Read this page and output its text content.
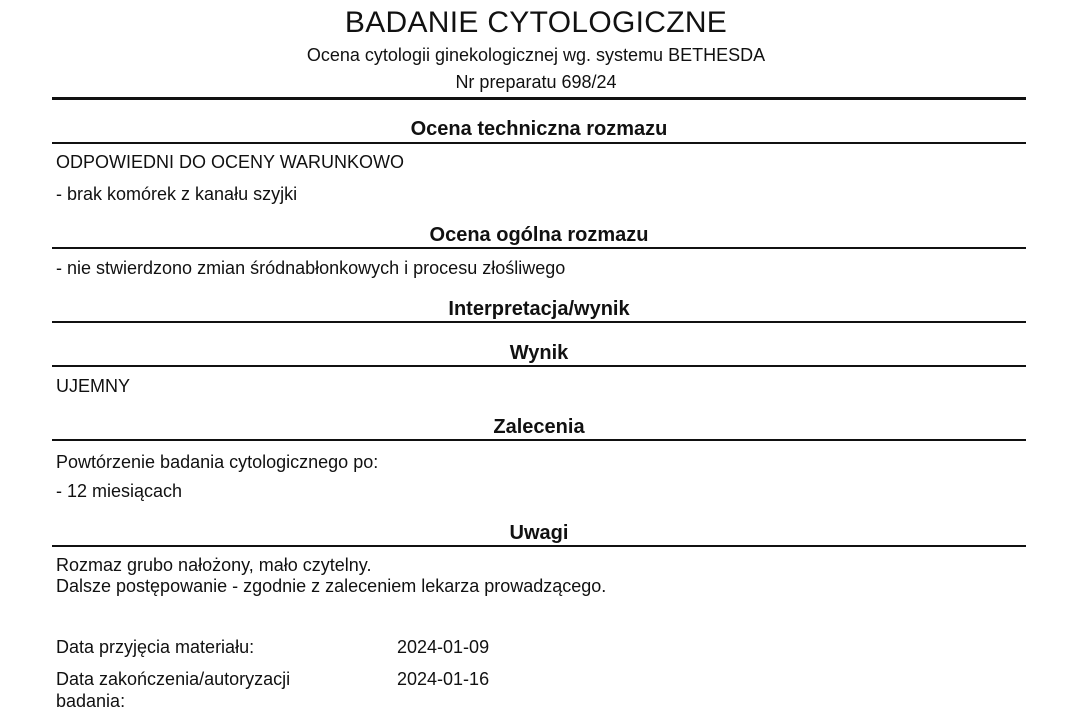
BADANIE CYTOLOGICZNE
Ocena cytologii ginekologicznej wg. systemu BETHESDA
Nr preparatu 698/24
Ocena techniczna rozmazu
ODPOWIEDNI DO OCENY WARUNKOWO
- brak komórek z kanału szyjki
Ocena ogólna rozmazu
- nie stwierdzono zmian śródnabłonkowych i procesu złośliwego
Interpretacja/wynik
Wynik
UJEMNY
Zalecenia
Powtórzenie badania cytologicznego po:
- 12 miesiącach
Uwagi
Rozmaz grubo nałożony, mało czytelny.
Dalsze postępowanie - zgodnie z zaleceniem lekarza prowadzącego.
Data przyjęcia materiału:	2024-01-09
Data zakończenia/autoryzacji badania:
2024-01-16
